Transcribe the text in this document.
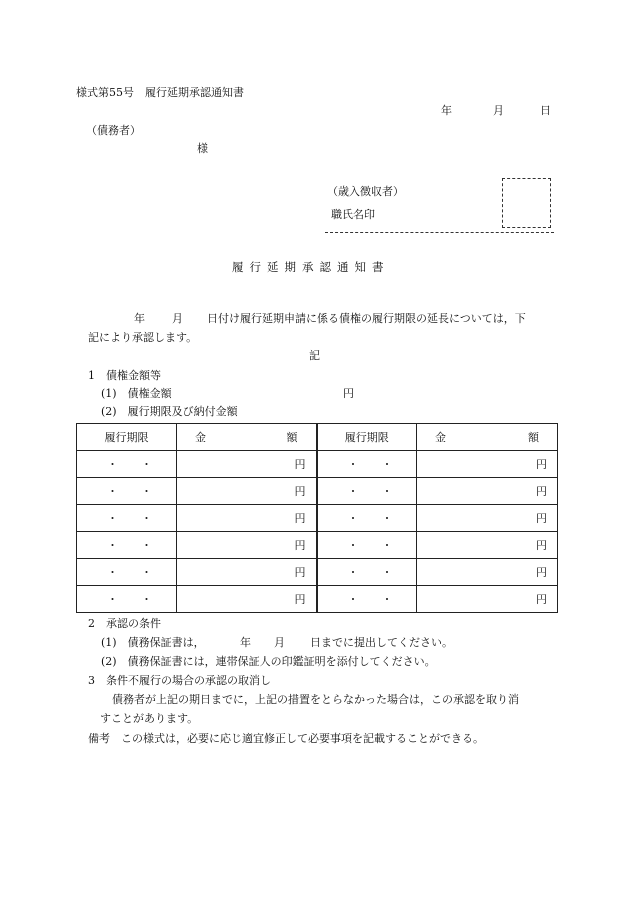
様式第55号　履行延期承認通知書
年	月	日
（債務者）
様
（歳入徴収者）
職氏名印
履行延期承認通知書
年 月 日付け履行延期申請に係る債権の履行期限の延長については，下
記により承認します。
記
1　債権金額等
(1)　債権金額	円
(2)　履行期限及び納付金額
履行期限	金 額	履行期限	金 額

・ ・	円	・ ・	円
・ ・	円	・ ・	円
・ ・	円	・ ・	円
・ ・	円	・ ・	円
・ ・	円	・ ・	円
・ ・	円	・ ・	円
2　承認の条件
(1)　債務保証書は，	年 月 日までに提出してください。
(2)　債務保証書には，連帯保証人の印鑑証明を添付してください。
3　条件不履行の場合の承認の取消し
債務者が上記の期日までに，上記の措置をとらなかった場合は，この承認を取り消
すことがあります。
備考　この様式は，必要に応じ適宜修正して必要事項を記載することができる。
